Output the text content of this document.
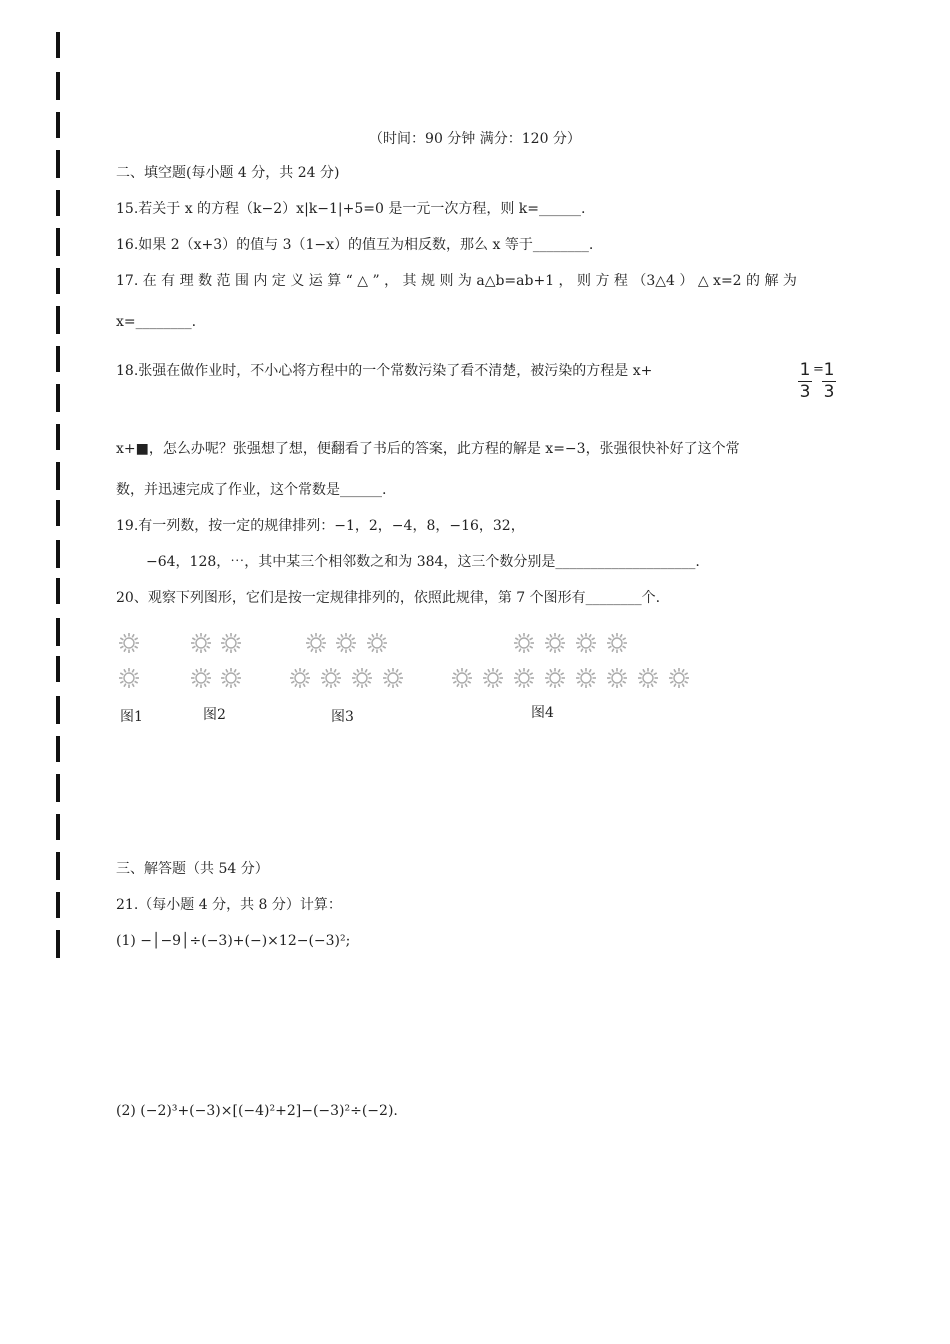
（时间：90 分钟 满分：120 分）
二、填空题(每小题 4 分，共 24 分)
15.若关于 x 的方程（k−2）x|k−1|+5=0 是一元一次方程，则 k=______.
16.如果 2（x+3）的值与 3（1−x）的值互为相反数，那么 x 等于________.
17. 在 有 理 数 范 围 内 定 义 运 算 “ △ ” ， 其 规 则 为 a△b=ab+1 ， 则 方 程 （3△4 ） △ x=2 的 解 为
x=________.
18.张强在做作业时，不小心将方程中的一个常数污染了看不清楚，被污染的方程是 x+	1
3
= 1
3
x+■，怎么办呢？张强想了想，便翻看了书后的答案，此方程的解是 x=−3，张强很快补好了这个常
数，并迅速完成了作业，这个常数是______.
19.有一列数，按一定的规律排列：−1，2，−4，8，−16，32，
−64，128，⋯，其中某三个相邻数之和为 384，这三个数分别是____________________.
20、观察下列图形，它们是按一定规律排列的，依照此规律，第 7 个图形有________个.
图1	图2	图3	图4
三、解答题（共 54 分）
21.（每小题 4 分，共 8 分）计算：
(1) −│−9│÷(−3)+(−)×12−(−3)²;
(2) (−2)³+(−3)×[(−4)²+2]−(−3)²÷(−2).
